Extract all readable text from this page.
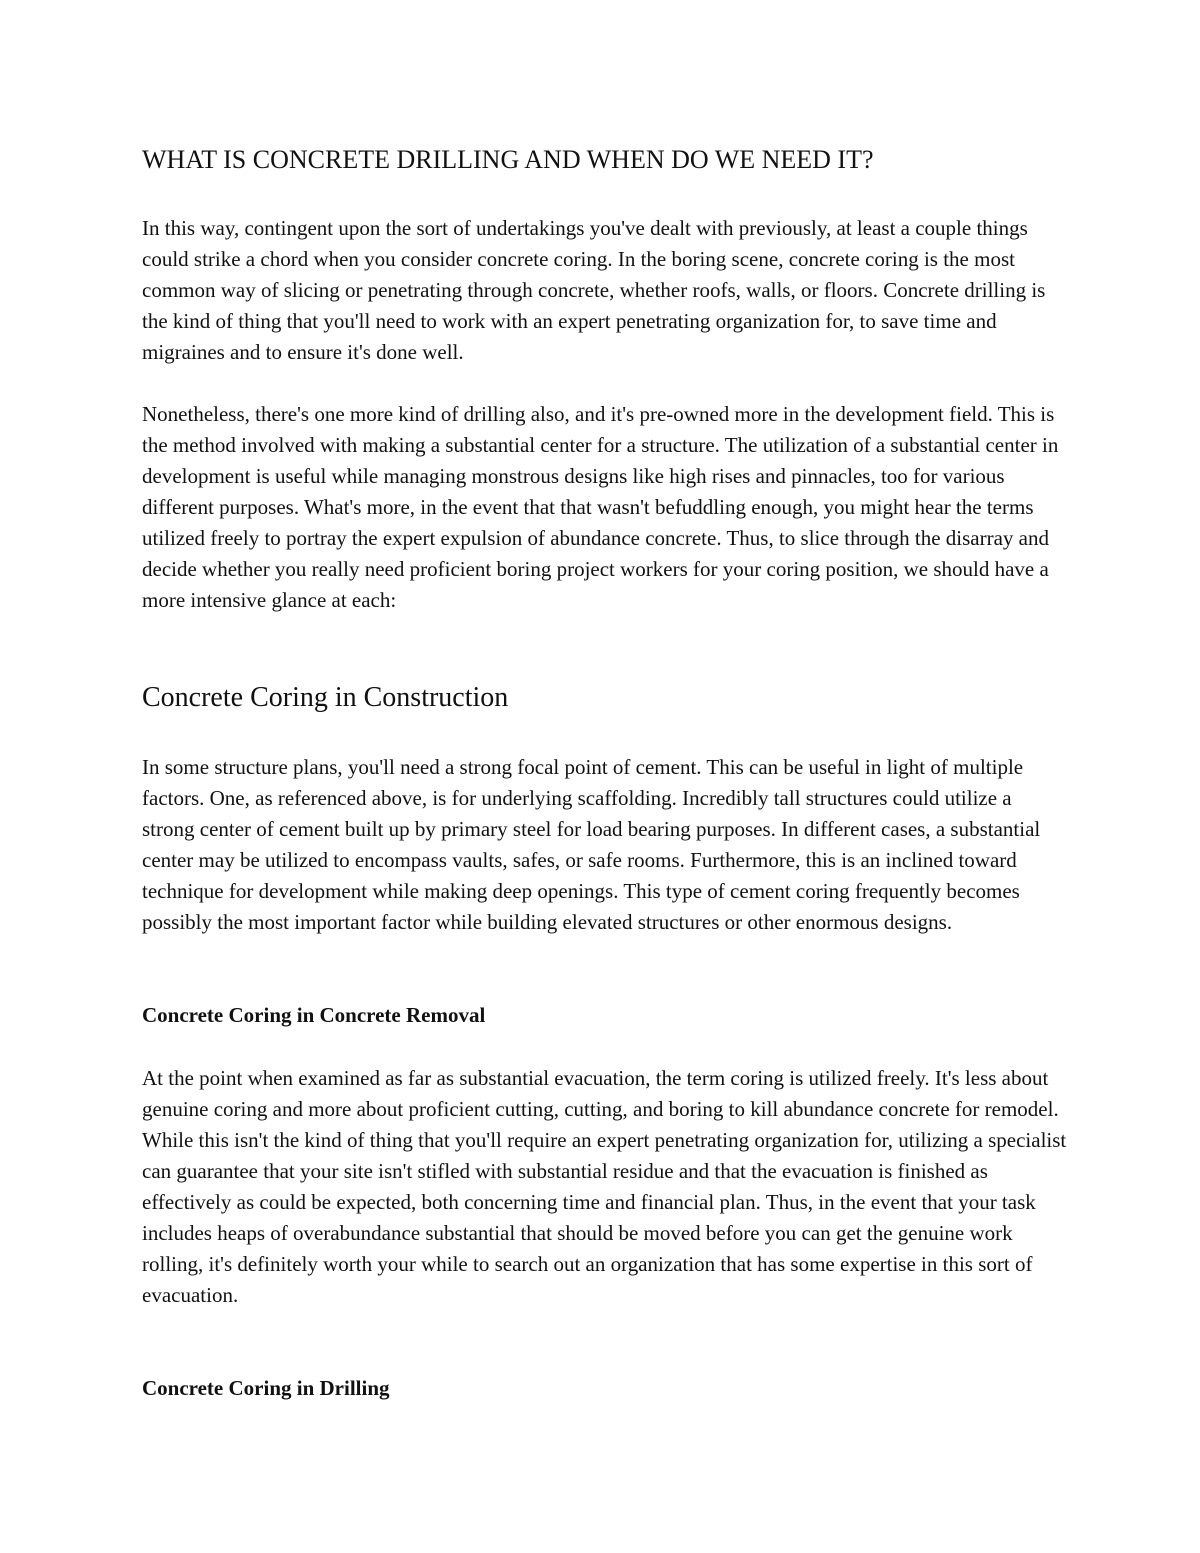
WHAT IS CONCRETE DRILLING AND WHEN DO WE NEED IT?

In this way, contingent upon the sort of undertakings you've dealt with previously, at least a couple things could strike a chord when you consider concrete coring. In the boring scene, concrete coring is the most common way of slicing or penetrating through concrete, whether roofs, walls, or floors. Concrete drilling is the kind of thing that you'll need to work with an expert penetrating organization for, to save time and migraines and to ensure it's done well.

Nonetheless, there's one more kind of drilling also, and it's pre-owned more in the development field. This is the method involved with making a substantial center for a structure. The utilization of a substantial center in development is useful while managing monstrous designs like high rises and pinnacles, too for various different purposes. What's more, in the event that that wasn't befuddling enough, you might hear the terms utilized freely to portray the expert expulsion of abundance concrete. Thus, to slice through the disarray and decide whether you really need proficient boring project workers for your coring position, we should have a more intensive glance at each:

Concrete Coring in Construction

In some structure plans, you'll need a strong focal point of cement. This can be useful in light of multiple factors. One, as referenced above, is for underlying scaffolding. Incredibly tall structures could utilize a strong center of cement built up by primary steel for load bearing purposes. In different cases, a substantial center may be utilized to encompass vaults, safes, or safe rooms. Furthermore, this is an inclined toward technique for development while making deep openings. This type of cement coring frequently becomes possibly the most important factor while building elevated structures or other enormous designs.

Concrete Coring in Concrete Removal

At the point when examined as far as substantial evacuation, the term coring is utilized freely. It's less about genuine coring and more about proficient cutting, cutting, and boring to kill abundance concrete for remodel. While this isn't the kind of thing that you'll require an expert penetrating organization for, utilizing a specialist can guarantee that your site isn't stifled with substantial residue and that the evacuation is finished as effectively as could be expected, both concerning time and financial plan. Thus, in the event that your task includes heaps of overabundance substantial that should be moved before you can get the genuine work rolling, it's definitely worth your while to search out an organization that has some expertise in this sort of evacuation.

Concrete Coring in Drilling
